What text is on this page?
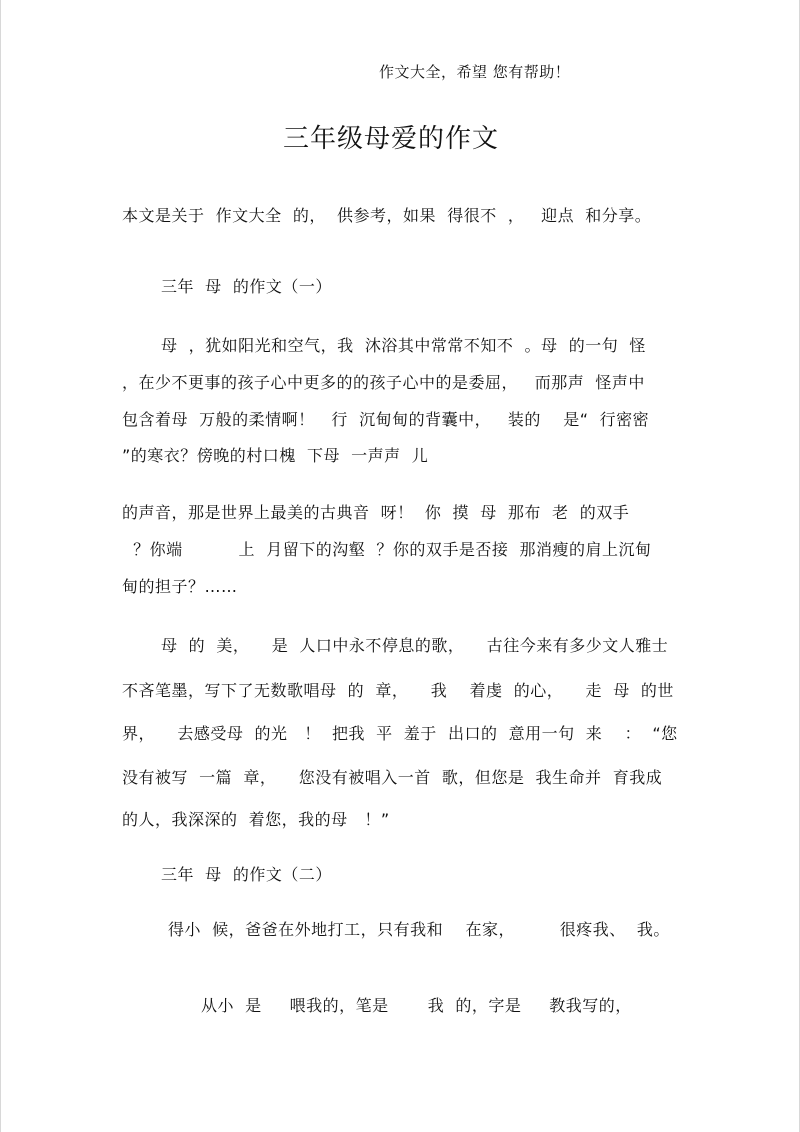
作文大全，希望 您有帮助！
三年级母爱的作文
本文是关于  作文大全  的，  供参考，如果  得很不  ，   迎点  和分享。
三年  母  的作文（一）
母  ，犹如阳光和空气，我  沐浴其中常常不知不  。母  的一句  怪
，在少不更事的孩子心中更多的的孩子心中的是委屈，   而那声  怪声中
包含着母  万般的柔情啊！   行  沉甸甸的背囊中，   装的    是“  行密密
”的寒衣？傍晚的村口槐  下母  一声声  儿
的声音，那是世界上最美的古典音  呀！  你  摸  母  那布  老  的双手
？你端          上  月留下的沟壑  ？你的双手是否接  那消瘦的肩上沉甸
甸的担子？……
母  的  美，    是  人口中永不停息的歌，    古往今来有多少文人雅士
不吝笔墨，写下了无数歌唱母  的  章，    我    着虔  的心，    走  母  的世
界，    去感受母  的光   ！  把我  平  羞于  出口的  意用一句  来    ：  “您
没有被写  一篇  章，    您没有被唱入一首  歌，但您是  我生命并  育我成
的人，我深深的  着您，我的母   ！”
三年  母  的作文（二）
得小  候，爸爸在外地打工，只有我和    在家，        很疼我、  我。
从小  是     喂我的，笔是       我  的，字是     教我写的，
